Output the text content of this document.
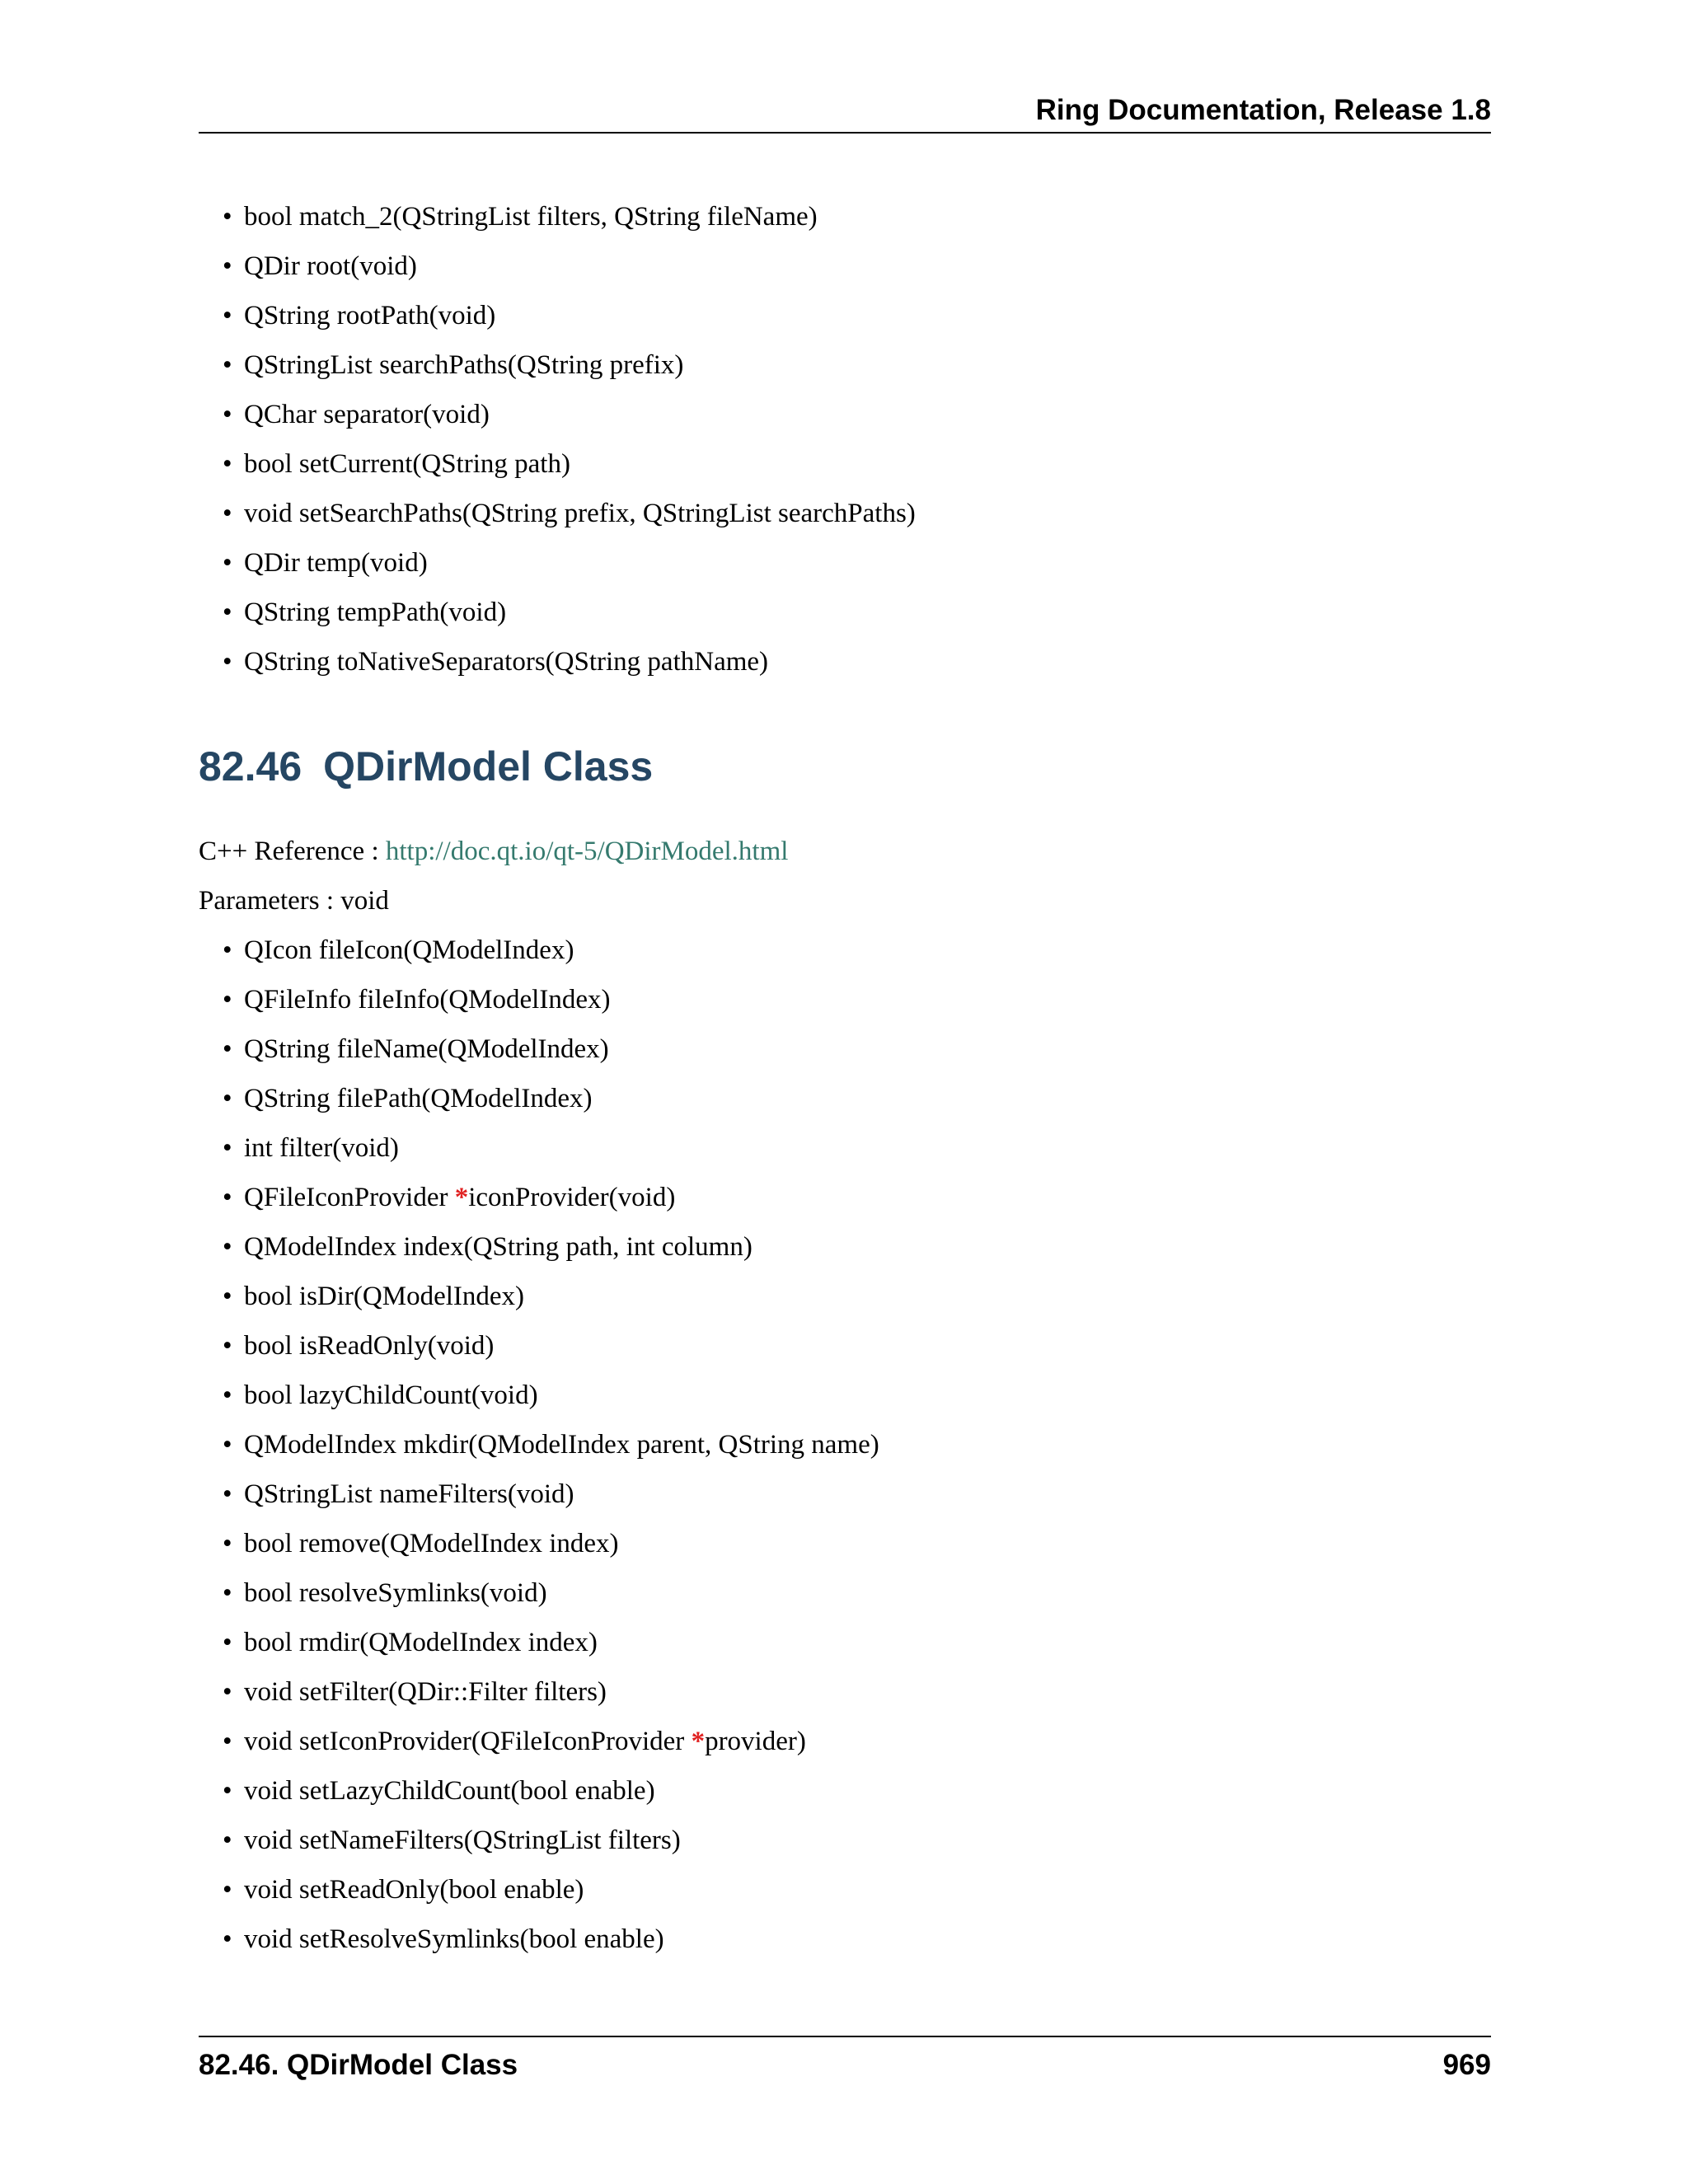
Ring Documentation, Release 1.8
• bool match_2(QStringList filters, QString fileName)
• QDir root(void)
• QString rootPath(void)
• QStringList searchPaths(QString prefix)
• QChar separator(void)
• bool setCurrent(QString path)
• void setSearchPaths(QString prefix, QStringList searchPaths)
• QDir temp(void)
• QString tempPath(void)
• QString toNativeSeparators(QString pathName)
82.46 QDirModel Class

C++ Reference : http://doc.qt.io/qt-5/QDirModel.html

Parameters : void

• QIcon fileIcon(QModelIndex)
• QFileInfo fileInfo(QModelIndex)
• QString fileName(QModelIndex)
• QString filePath(QModelIndex)
• int filter(void)
• QFileIconProvider *iconProvider(void)
• QModelIndex index(QString path, int column)
• bool isDir(QModelIndex)
• bool isReadOnly(void)
• bool lazyChildCount(void)
• QModelIndex mkdir(QModelIndex parent, QString name)
• QStringList nameFilters(void)
• bool remove(QModelIndex index)
• bool resolveSymlinks(void)
• bool rmdir(QModelIndex index)
• void setFilter(QDir::Filter filters)
• void setIconProvider(QFileIconProvider *provider)
• void setLazyChildCount(bool enable)
• void setNameFilters(QStringList filters)
• void setReadOnly(bool enable)
• void setResolveSymlinks(bool enable)
82.46. QDirModel Class	969
